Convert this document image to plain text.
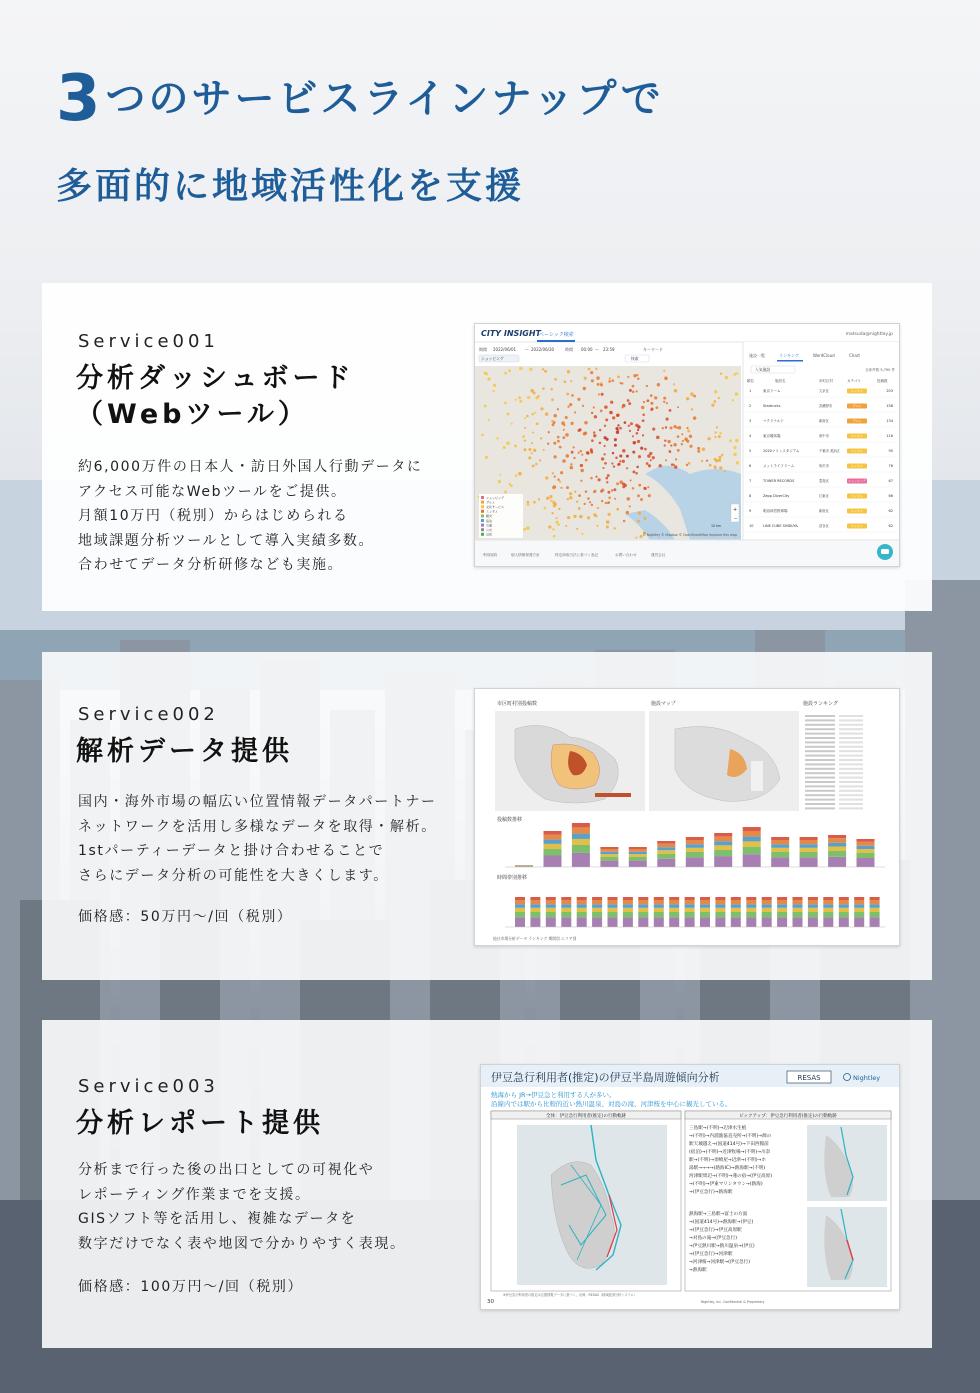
3つのサービスラインナップで
多面的に地域活性化を支援
Service001
分析ダッシュボード
（Webツール）
約6,000万件の日本人・訪日外国人行動データに
アクセス可能なWebツールをご提供。
月額10万円（税別）からはじめられる
地域課題分析ツールとして導入実績多数。
合わせてデータ分析研修なども実施。
CITY INSIGHT
ベーシック検索	matsuda@nightley.jp
期間 2022/06/01 〜 2022/06/30	時間 00:00 〜 23:59	キーワード
ショッピング	検索
ショッピング
グルメ
文化サービス
エンタメ
観光
宿泊
交通
公共
自然	© Nightley © Mapbox © OpenStreetMap Improve this map
10 km
+
−
施設一覧	ランキング	WordCloud	Chart
人気施設	全体件数 5,790 件
順位	施設名	市町区村	カテゴリ	投稿数
1	東京ドーム	文京区	エンタメ	203
2	Starbucks	武蔵野市	グルメ	158
3	マクドナルド	新宿区	グルメ	134
4	東京競馬場	府中市	エンタメ	116
5	2020マリンスタジアム	千葉市 美浜区	エンタメ	95
6	メットライフドーム	所沢市	エンタメ	76
7	TOWER RECORDS	豊島区	ショッピング	67
8	Zepp DiverCity	江東区	エンタメ	66
9	明治神宮野球場	新宿区	エンタメ	62
10	LINE CUBE SHIBUYA	渋谷区	エンタメ	62
利用規約	個人情報保護方針	特定商取引法に基づく表記	お問い合わせ	運営会社
Service002
解析データ提供
国内・海外市場の幅広い位置情報データパートナー
ネットワークを活用し多様なデータを取得・解析。
1stパーティーデータと掛け合わせることで
さらにデータ分析の可能性を大きくします。
価格感：50万円～/回（税別）
市区町村別投稿数	施設マップ	施設ランキング
投稿数推移
時間帯別推移
他社市場分析データ ランキング 期間別 エリア別
Service003
分析レポート提供
分析まで行った後の出口としての可視化や
レポーティング作業までを支援。
GISソフト等を活用し、複雑なデータを
数字だけでなく表や地図で分かりやすく表現。
価格感：100万円～/回（税別）
伊豆急行利用者(推定)の伊豆半島周遊傾向分析	RESAS	Nightley
熱海から JR→伊豆急と利用する人が多い。
沿線内では駅から比較的近い熱川温泉、対島の滝、河津桜を中心に観光している。
全体：伊豆急行利用者(推定)の行動軌跡	ピックアップ：伊豆急行利用者(推定)の行動軌跡
三島駅→(不明)→辺津水生植
→(不明)→内浦漁協直売所→(不明)→源の
駅天城越え→(国道414号)→下田西館前
(宿泊)→(不明)→近津牧場→(不明)→川奈
駅→(不明)→須崎屋→辺津→(不明)→ホ
湯駅→→→→(熱海IC)→熱海駅→(不明)
河津駅周辺→(不明)→蓮の宿→(伊豆高原)
→(不明)→伊東マリンタウン→(熱海)
→(伊豆急行)→熱海駅
熱海駅→三島駅→富士の方面
→(国道414号)→熱海駅→(伊豆)
→(伊豆急行)→伊豆高原駅
→対島の滝→(伊豆急行)
→伊豆熱川駅→熱川温泉→(伊豆)
→(伊豆急行)→河津駅
→河津桜→河津駅→(伊豆急行)
→熱海駅
30
※伊豆急行利用者の推定は位置情報データに基づく。出典：RESAS（地域経済分析システム）
Nightley, Inc. Confidential & Proprietary
